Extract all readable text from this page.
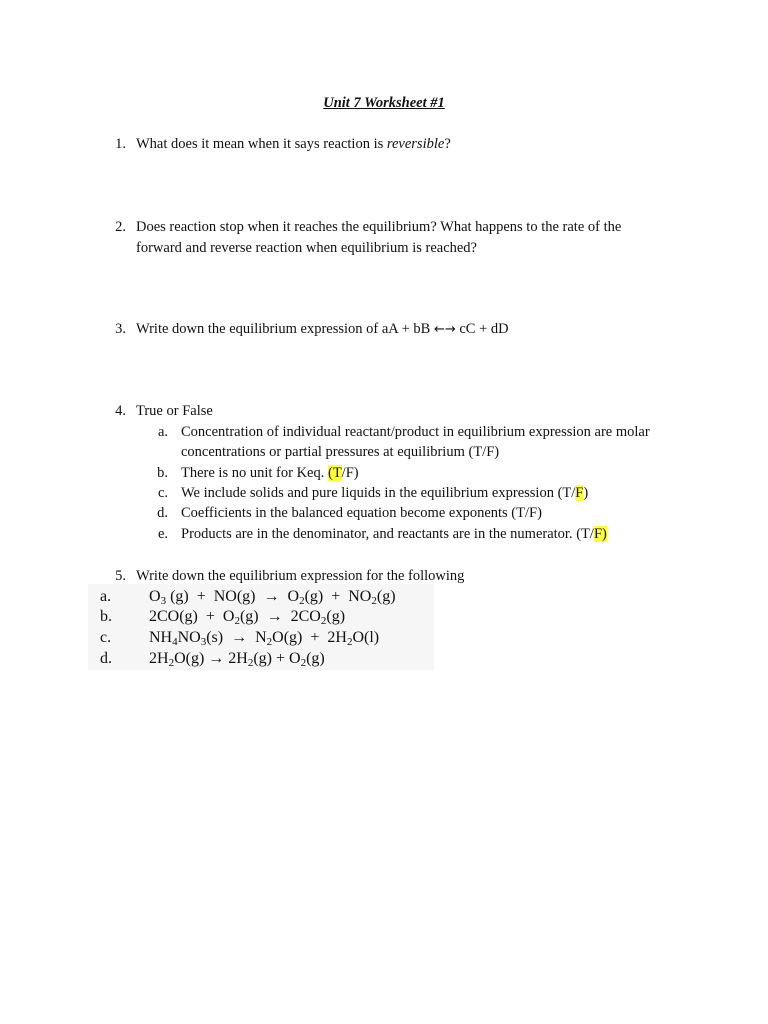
Unit 7 Worksheet #1
1. What does it mean when it says reaction is reversible?
2. Does reaction stop when it reaches the equilibrium? What happens to the rate of the
forward and reverse reaction when equilibrium is reached?
3. Write down the equilibrium expression of aA + bB ←→ cC + dD
4. True or False
a. Concentration of individual reactant/product in equilibrium expression are molar
concentrations or partial pressures at equilibrium (T/F)
b. There is no unit for Keq. (T/F)
c. We include solids and pure liquids in the equilibrium expression (T/F)
d. Coefficients in the balanced equation become exponents (T/F)
e. Products are in the denominator, and reactants are in the numerator. (T/F)
5. Write down the equilibrium expression for the following
a. $O_3$ $(g) + NO(g) \to O_2(g) + NO_2(g)$
b. $2CO(g) + O_2(g) \to 2CO_2(g)$
c. $NH_4NO_3(s) \to N_2O(g) + 2H_2O(l)$
d. $2H_2O(g) \to 2H_2(g) + O_2(g)$
